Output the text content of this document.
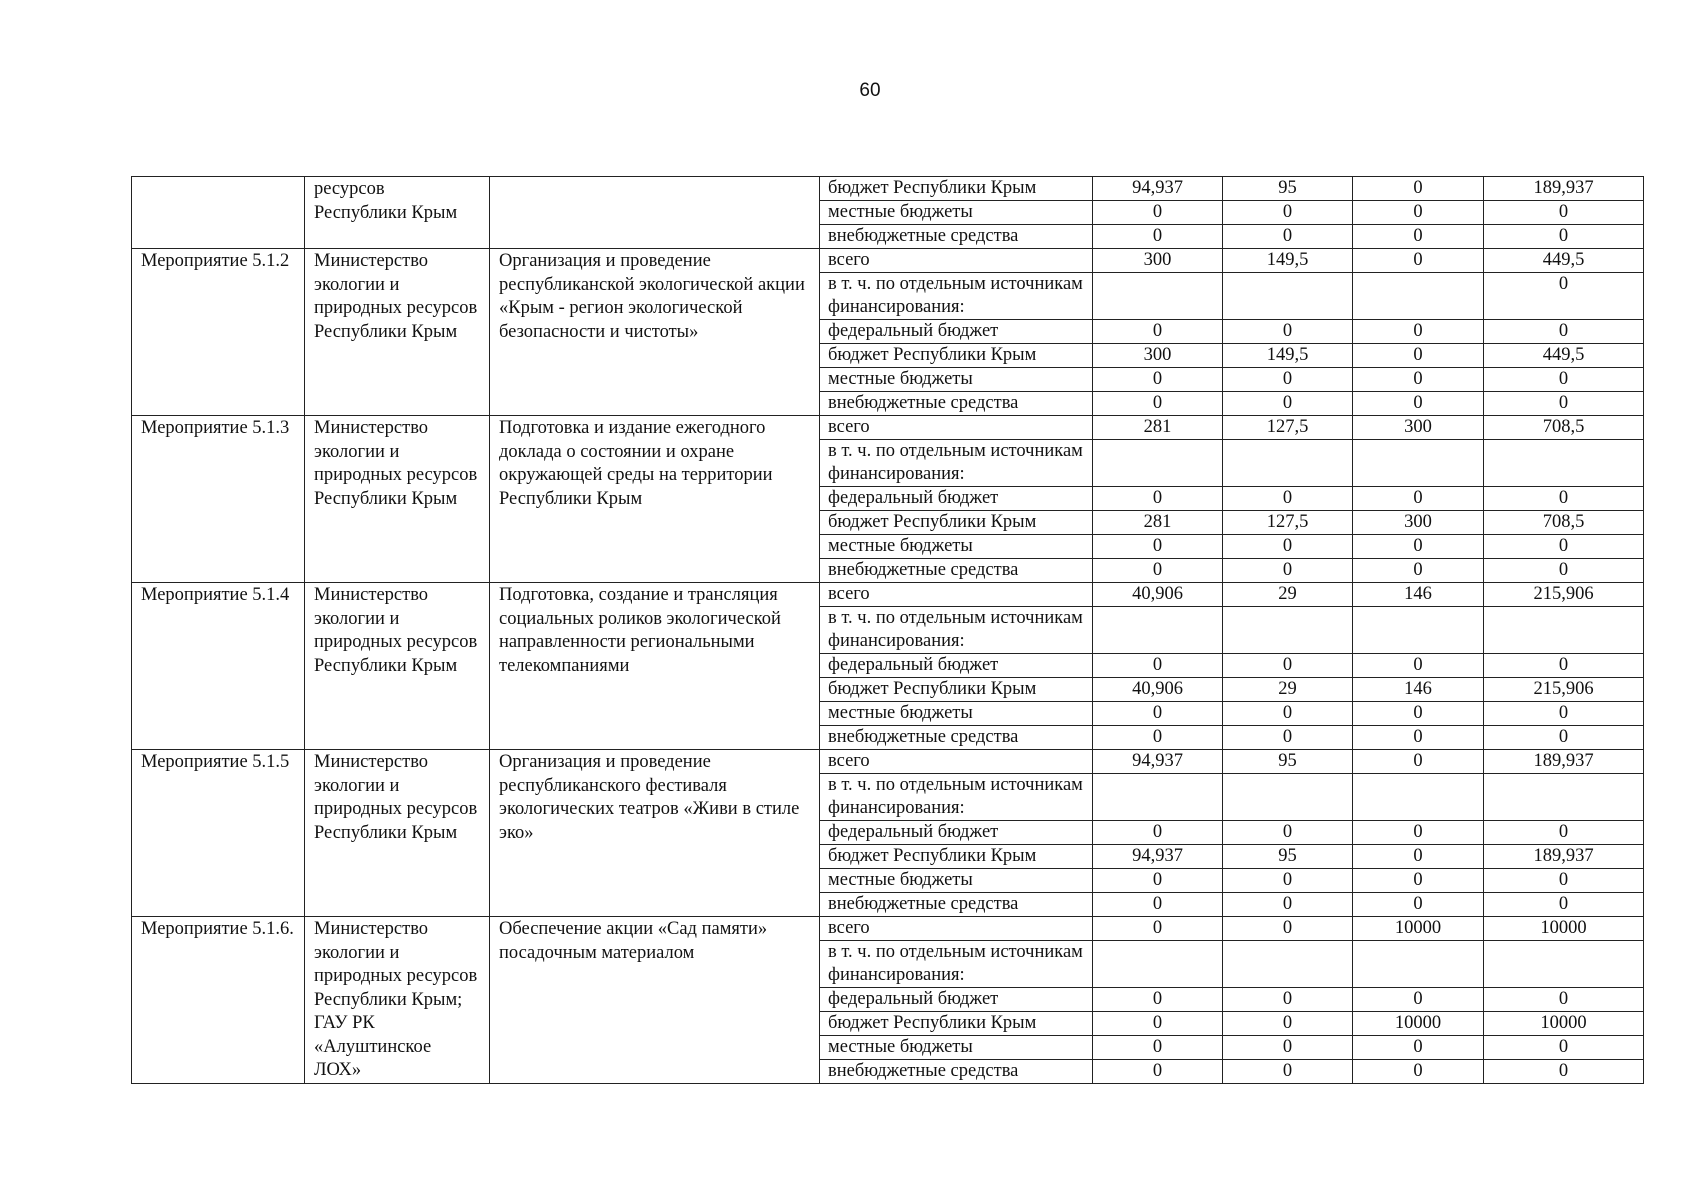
60
	ресурсов Республики Крым		бюджет Республики Крым	94,937	95	0	189,937
			местные бюджеты	0	0	0	0
			внебюджетные средства	0	0	0	0
Мероприятие 5.1.2	Министерство экологии и природных ресурсов Республики Крым	Организация и проведение республиканской экологической акции «Крым - регион экологической безопасности и чистоты»	всего	300	149,5	0	449,5
			в т. ч. по отдельным источникам финансирования:				0
			федеральный бюджет	0	0	0	0
			бюджет Республики Крым	300	149,5	0	449,5
			местные бюджеты	0	0	0	0
			внебюджетные средства	0	0	0	0
Мероприятие 5.1.3	Министерство экологии и природных ресурсов Республики Крым	Подготовка и издание ежегодного доклада о состоянии и охране окружающей среды на территории Республики Крым	всего	281	127,5	300	708,5
			в т. ч. по отдельным источникам финансирования:				
			федеральный бюджет	0	0	0	0
			бюджет Республики Крым	281	127,5	300	708,5
			местные бюджеты	0	0	0	0
			внебюджетные средства	0	0	0	0
Мероприятие 5.1.4	Министерство экологии и природных ресурсов Республики Крым	Подготовка, создание и трансляция социальных роликов экологической направленности региональными телекомпаниями	всего	40,906	29	146	215,906
			в т. ч. по отдельным источникам финансирования:				
			федеральный бюджет	0	0	0	0
			бюджет Республики Крым	40,906	29	146	215,906
			местные бюджеты	0	0	0	0
			внебюджетные средства	0	0	0	0
Мероприятие 5.1.5	Министерство экологии и природных ресурсов Республики Крым	Организация и проведение республиканского фестиваля экологических театров «Живи в стиле эко»	всего	94,937	95	0	189,937
			в т. ч. по отдельным источникам финансирования:				
			федеральный бюджет	0	0	0	0
			бюджет Республики Крым	94,937	95	0	189,937
			местные бюджеты	0	0	0	0
			внебюджетные средства	0	0	0	0
Мероприятие 5.1.6.	Министерство экологии и природных ресурсов Республики Крым; ГАУ РК «Алуштинское ЛОХ»	Обеспечение акции «Сад памяти» посадочным материалом	всего	0	0	10000	10000
			в т. ч. по отдельным источникам финансирования:				
			федеральный бюджет	0	0	0	0
			бюджет Республики Крым	0	0	10000	10000
			местные бюджеты	0	0	0	0
			внебюджетные средства	0	0	0	0
